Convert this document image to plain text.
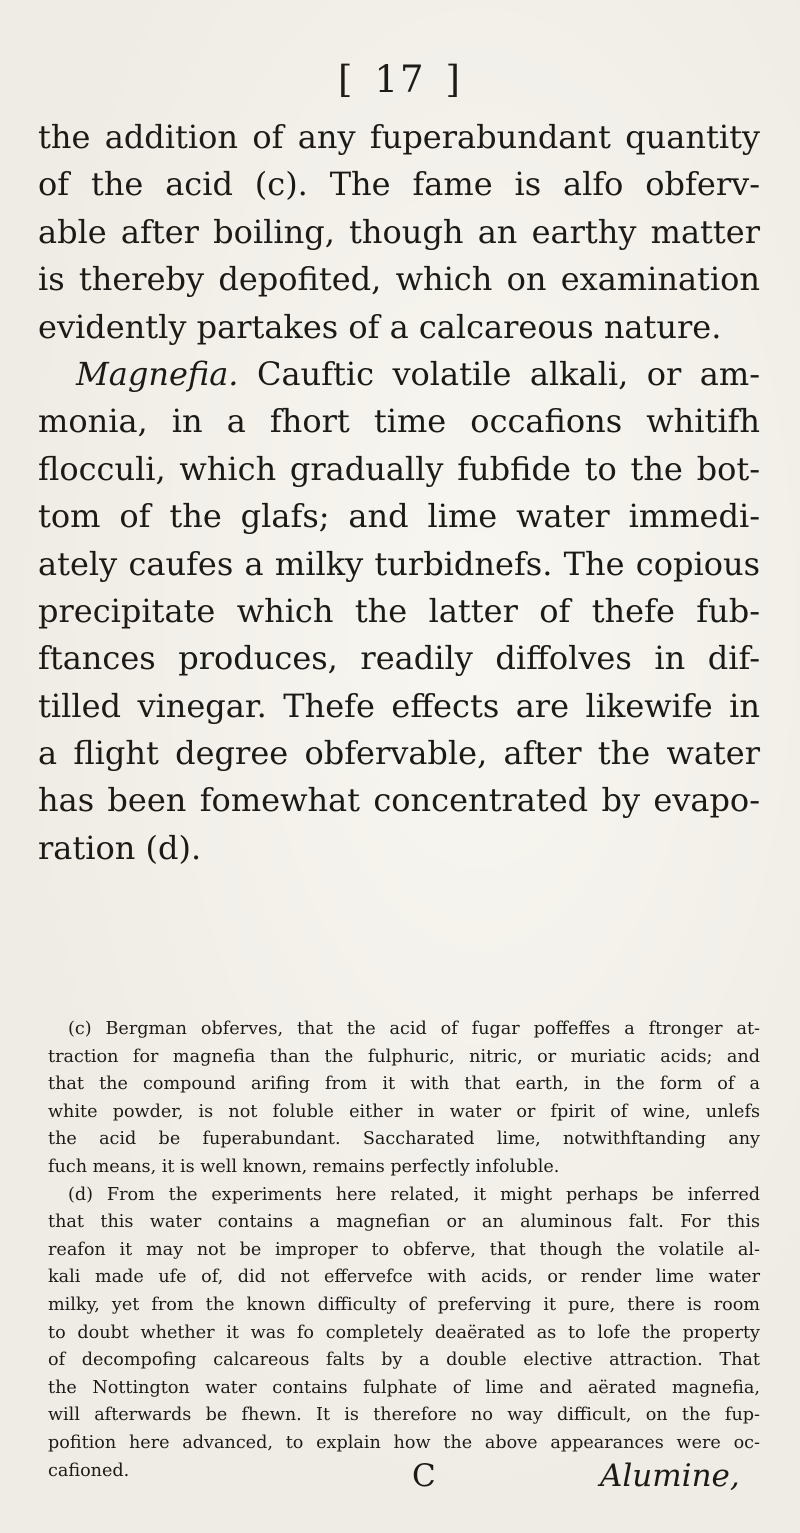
[ 17 ]
the addition of any fuperabundant quantity
of the acid (c). The fame is alfo obferv-
able after boiling, though an earthy matter
is thereby depofited, which on examination
evidently partakes of a calcareous nature.
Magnefia. Cauftic volatile alkali, or am-
monia, in a fhort time occafions whitifh
flocculi, which gradually fubfide to the bot-
tom of the glafs; and lime water immedi-
ately caufes a milky turbidnefs. The copious
precipitate which the latter of thefe fub-
ftances produces, readily diffolves in dif-
tilled vinegar. Thefe effects are likewife in
a flight degree obfervable, after the water
has been fomewhat concentrated by evapo-
ration (d).
(c) Bergman obferves, that the acid of fugar poffeffes a ftronger at-
traction for magnefia than the fulphuric, nitric, or muriatic acids; and
that the compound arifing from it with that earth, in the form of a
white powder, is not foluble either in water or fpirit of wine, unlefs
the acid be fuperabundant. Saccharated lime, notwithftanding any
fuch means, it is well known, remains perfectly infoluble.
(d) From the experiments here related, it might perhaps be inferred
that this water contains a magnefian or an aluminous falt. For this
reafon it may not be improper to obferve, that though the volatile al-
kali made ufe of, did not effervefce with acids, or render lime water
milky, yet from the known difficulty of preferving it pure, there is room
to doubt whether it was fo completely deaërated as to lofe the property
of decompofing calcareous falts by a double elective attraction. That
the Nottington water contains fulphate of lime and aërated magnefia,
will afterwards be fhewn. It is therefore no way difficult, on the fup-
pofition here advanced, to explain how the above appearances were oc-
cafioned.	C	Alumine,
